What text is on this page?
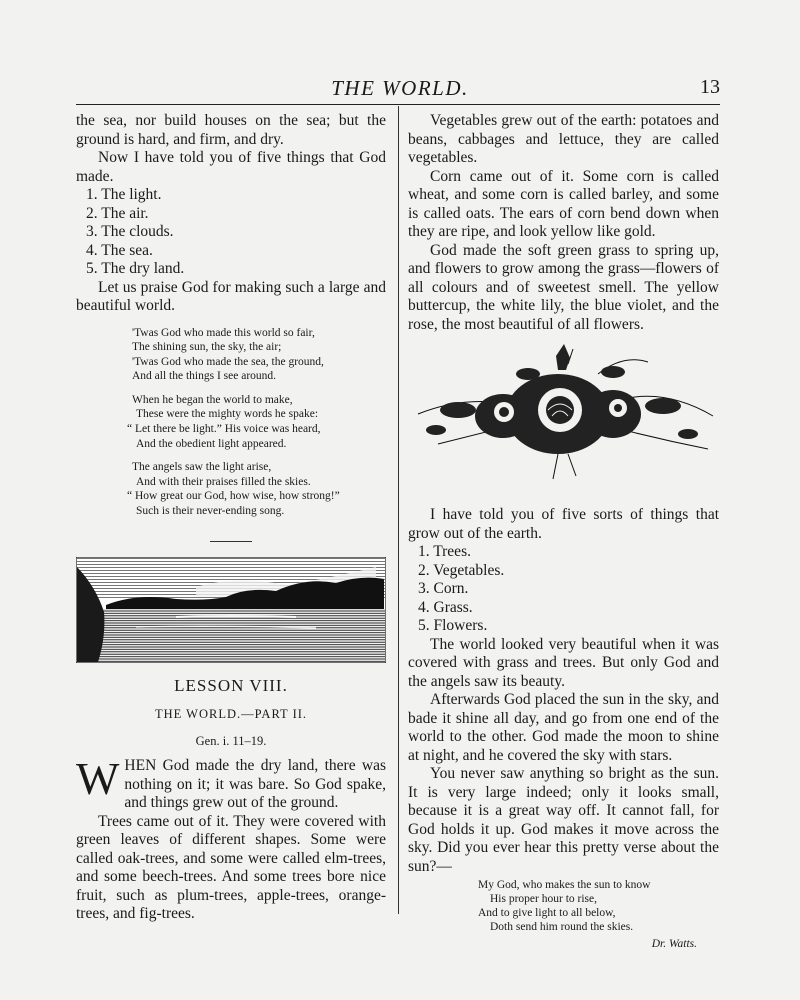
THE WORLD.	13

the sea, nor build houses on the sea; but the ground is hard, and firm, and dry.

Now I have told you of five things that God made.

1. The light.
2. The air.
3. The clouds.
4. The sea.
5. The dry land.

Let us praise God for making such a large and beautiful world.

'Twas God who made this world so fair,
The shining sun, the sky, the air;
'Twas God who made the sea, the ground,
And all the things I see around.
When he began the world to make,
These were the mighty words he spake:
“ Let there be light.” His voice was heard,
And the obedient light appeared.
The angels saw the light arise,
And with their praises filled the skies.
“ How great our God, how wise, how strong!”
Such is their never-ending song.
LESSON VIII.
THE WORLD.—PART II.
Gen. i. 11–19.

WHEN God made the dry land, there was nothing on it; it was bare. So God spake, and things grew out of the ground.

Trees came out of it. They were covered with green leaves of different shapes. Some were called oak-trees, and some were called elm-trees, and some beech-trees. And some trees bore nice fruit, such as plum-trees, apple-trees, orange-trees, and fig-trees.

Vegetables grew out of the earth: potatoes and beans, cabbages and lettuce, they are called vegetables.

Corn came out of it. Some corn is called wheat, and some corn is called barley, and some is called oats. The ears of corn bend down when they are ripe, and look yellow like gold.

God made the soft green grass to spring up, and flowers to grow among the grass—flowers of all colours and of sweetest smell. The yellow buttercup, the white lily, the blue violet, and the rose, the most beautiful of all flowers.

I have told you of five sorts of things that grow out of the earth.

1. Trees.
2. Vegetables.
3. Corn.
4. Grass.
5. Flowers.

The world looked very beautiful when it was covered with grass and trees. But only God and the angels saw its beauty.

Afterwards God placed the sun in the sky, and bade it shine all day, and go from one end of the world to the other. God made the moon to shine at night, and he covered the sky with stars.

You never saw anything so bright as the sun. It is very large indeed; only it looks small, because it is a great way off. It cannot fall, for God holds it up. God makes it move across the sky. Did you ever hear this pretty verse about the sun?—

My God, who makes the sun to know
His proper hour to rise,
And to give light to all below,
Doth send him round the skies.
Dr. Watts.
